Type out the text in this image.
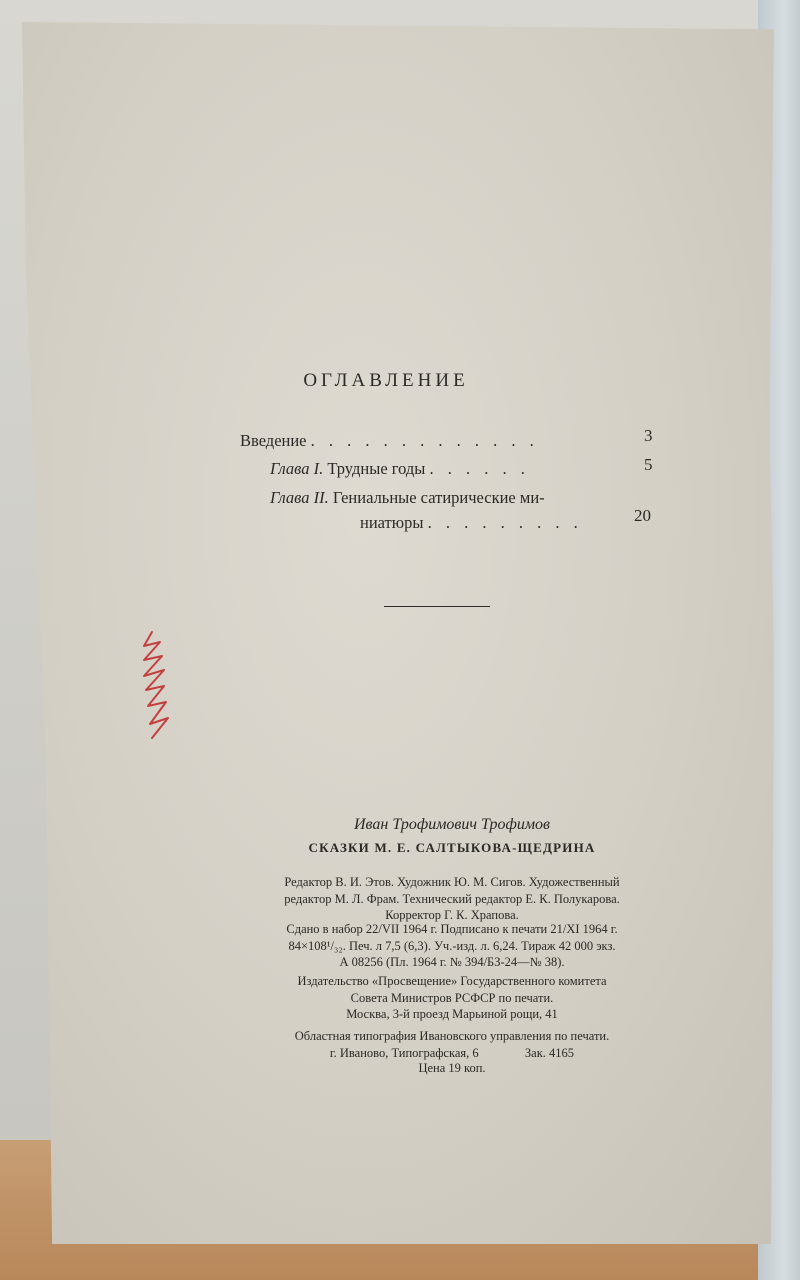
ОГЛАВЛЕНИЕ
Введение . . . . . . . . . . . . .	3
Глава I. Трудные годы . . . . . .	5
Глава II. Гениальные сатирические ми-
ниатюры . . . . . . . . .	20
Иван Трофимович Трофимов
СКАЗКИ М. Е. САЛТЫКОВА-ЩЕДРИНА
Редактор В. И. Этов. Художник Ю. М. Сигов. Художественный
редактор М. Л. Фрам. Технический редактор Е. К. Полукарова.
Корректор Г. К. Храпова.
Сдано в набор 22/VII 1964 г. Подписано к печати 21/XI 1964 г.
84×108¹/₃₂. Печ. л 7,5 (6,3). Уч.-изд. л. 6,24. Тираж 42 000 экз.
А 08256 (Пл. 1964 г. № 394/БЗ-24—№ 38).
Издательство «Просвещение» Государственного комитета
Совета Министров РСФСР по печати.
Москва, 3-й проезд Марьиной рощи, 41
Областная типография Ивановского управления по печати.
г. Иваново, Типографская, 6	Зак. 4165
Цена 19 коп.
